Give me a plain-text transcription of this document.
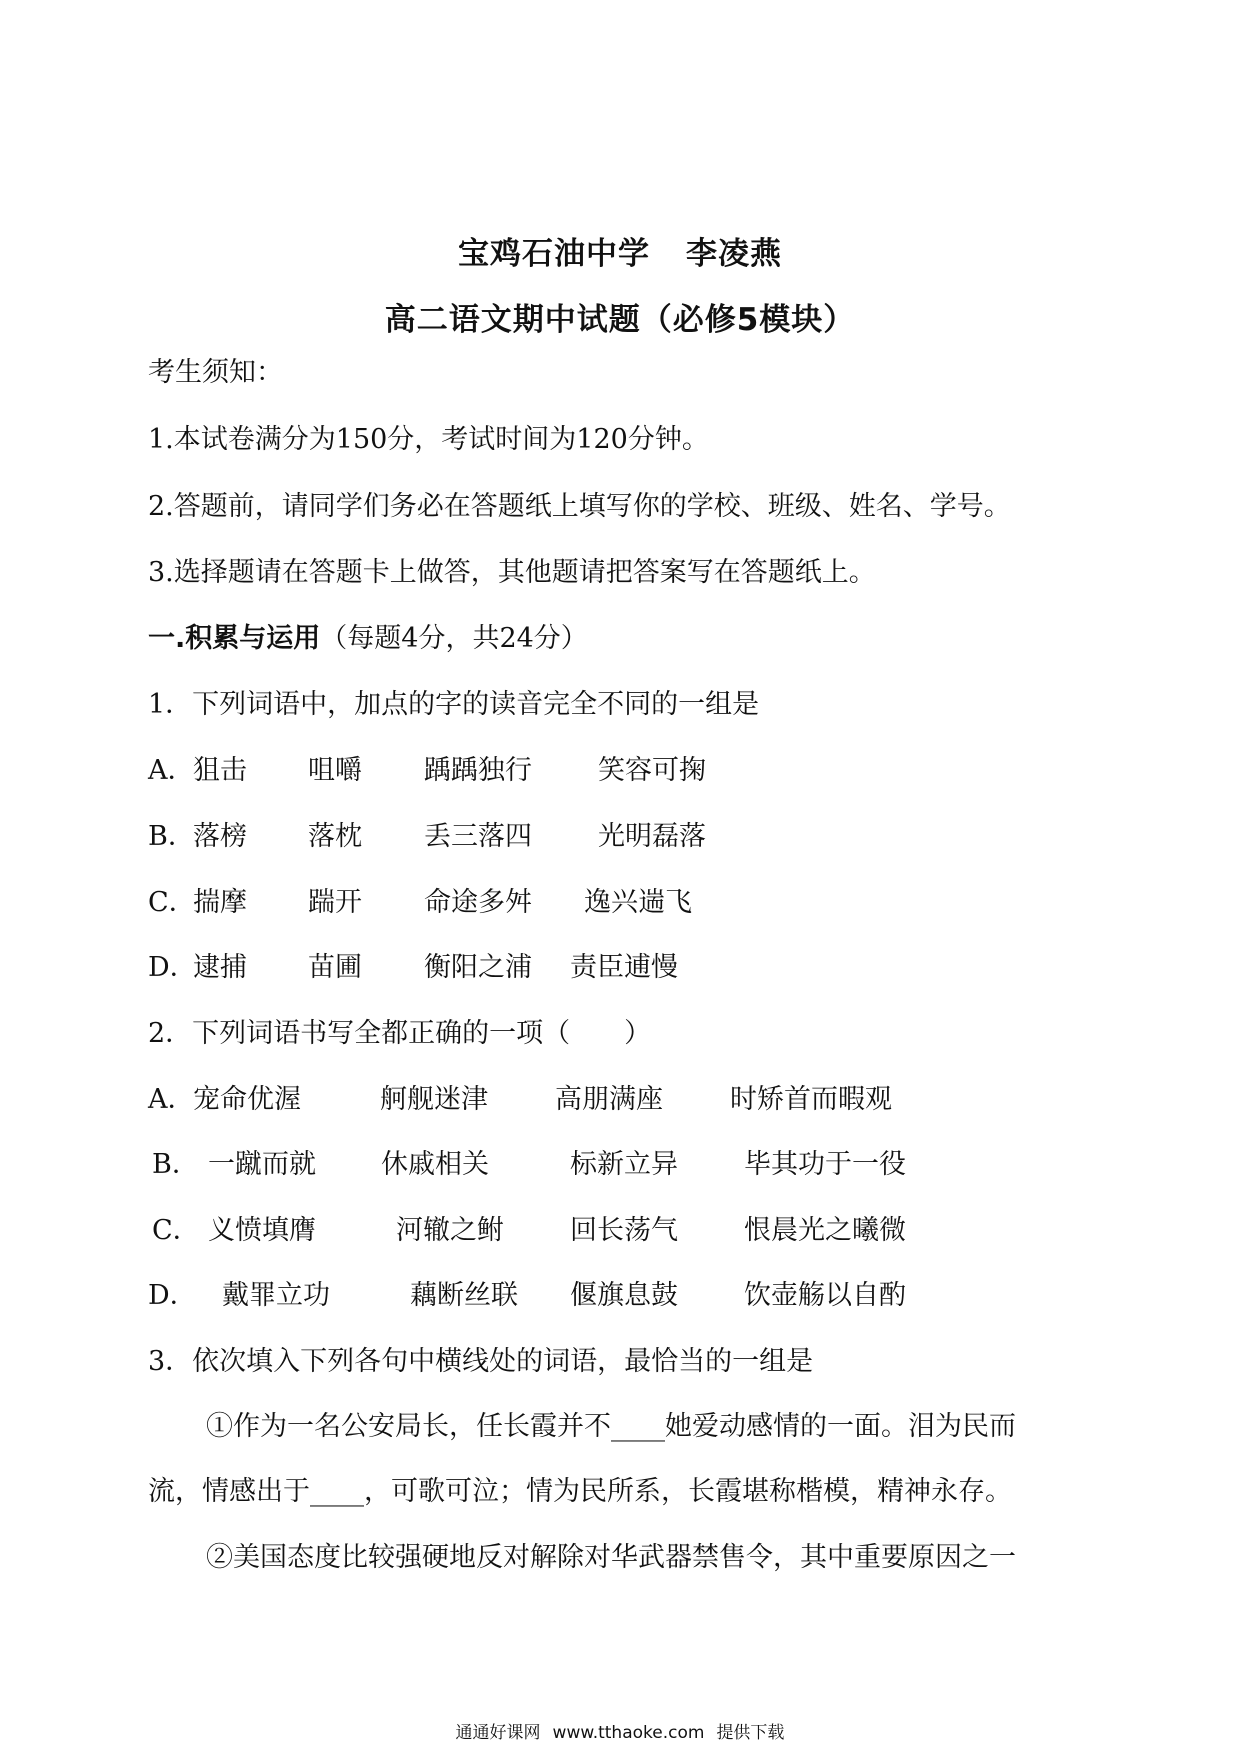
宝鸡石油中学 李凌燕
高二语文期中试题（必修5模块）
考生须知：
1.本试卷满分为150分，考试时间为120分钟。
2.答题前，请同学们务必在答题纸上填写你的学校、班级、姓名、学号。
3.选择题请在答题卡上做答，其他题请把答案写在答题纸上。
一.积累与运用（每题4分，共24分）
1．下列词语中，加点的字的读音完全不同的一组是
A．
狙击 咀嚼 踽踽独行 笑容可掬
B．
落榜 落枕 丢三落四 光明磊落
C．
揣摩 踹开 命途多舛 逸兴遄飞
D．
逮捕 苗圃 衡阳之浦 责臣逋慢
2．下列词语书写全都正确的一项（　　）
A．
宠命优渥	舸舰迷津 高朋满座 时矫首而暇观
B． 一蹴而就 休戚相关	标新立异 毕其功于一役
C． 义愤填膺	河辙之鲋 回长荡气 恨晨光之曦微
D． 戴罪立功	藕断丝联 偃旗息鼓 饮壶觞以自酌
3．依次填入下列各句中横线处的词语，最恰当的一组是
①作为一名公安局长，任长霞并不____她爱动感情的一面。泪为民而
流，情感出于____，可歌可泣；情为民所系，长霞堪称楷模，精神永存。
②美国态度比较强硬地反对解除对华武器禁售令，其中重要原因之一
通通好课网 www.tthaoke.com 提供下载
